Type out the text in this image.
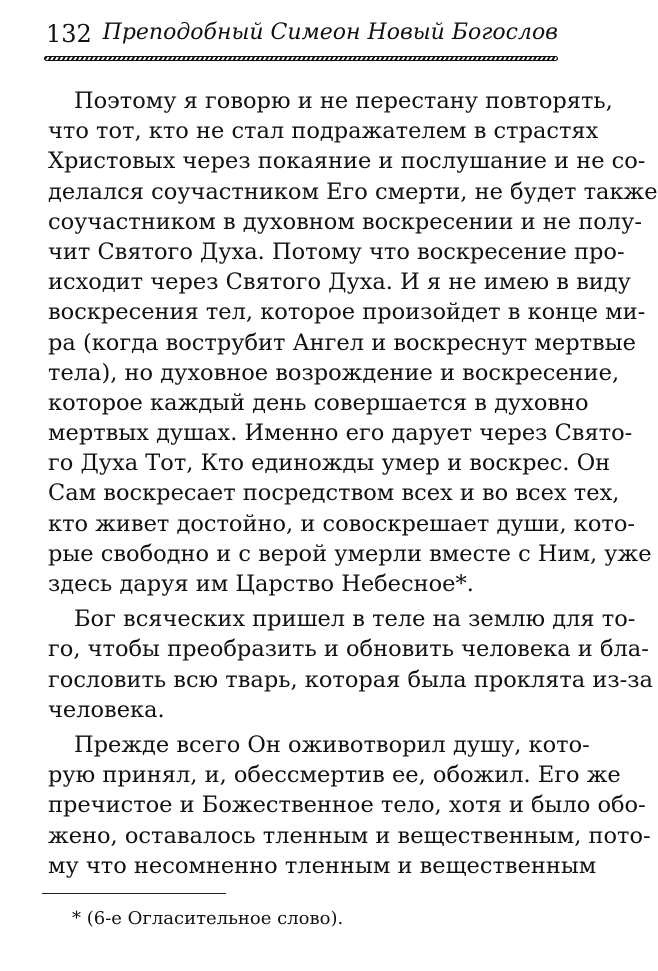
132 Преподобный Симеон Новый Богослов
Поэтому я говорю и не перестану повторять,
что тот, кто не стал подражателем в страстях
Христовых через покаяние и послушание и не со-
делался соучастником Его смерти, не будет также
соучастником в духовном воскресении и не полу-
чит Святого Духа. Потому что воскресение про-
исходит через Святого Духа. И я не имею в виду
воскресения тел, которое произойдет в конце ми-
ра (когда вострубит Ангел и воскреснут мертвые
тела), но духовное возрождение и воскресение,
которое каждый день совершается в духовно
мертвых душах. Именно его дарует через Свято-
го Духа Тот, Кто единожды умер и воскрес. Он
Сам воскресает посредством всех и во всех тех,
кто живет достойно, и совоскрешает души, кото-
рые свободно и с верой умерли вместе с Ним, уже
здесь даруя им Царство Небесное*.
Бог всяческих пришел в теле на землю для то-
го, чтобы преобразить и обновить человека и бла-
гословить всю тварь, которая была проклята из-за
человека.
Прежде всего Он оживотворил душу, кото-
рую принял, и, обессмертив ее, обожил. Его же
пречистое и Божественное тело, хотя и было обо-
жено, оставалось тленным и вещественным, пото-
му что несомненно тленным и вещественным
* (6-е Огласительное слово).
